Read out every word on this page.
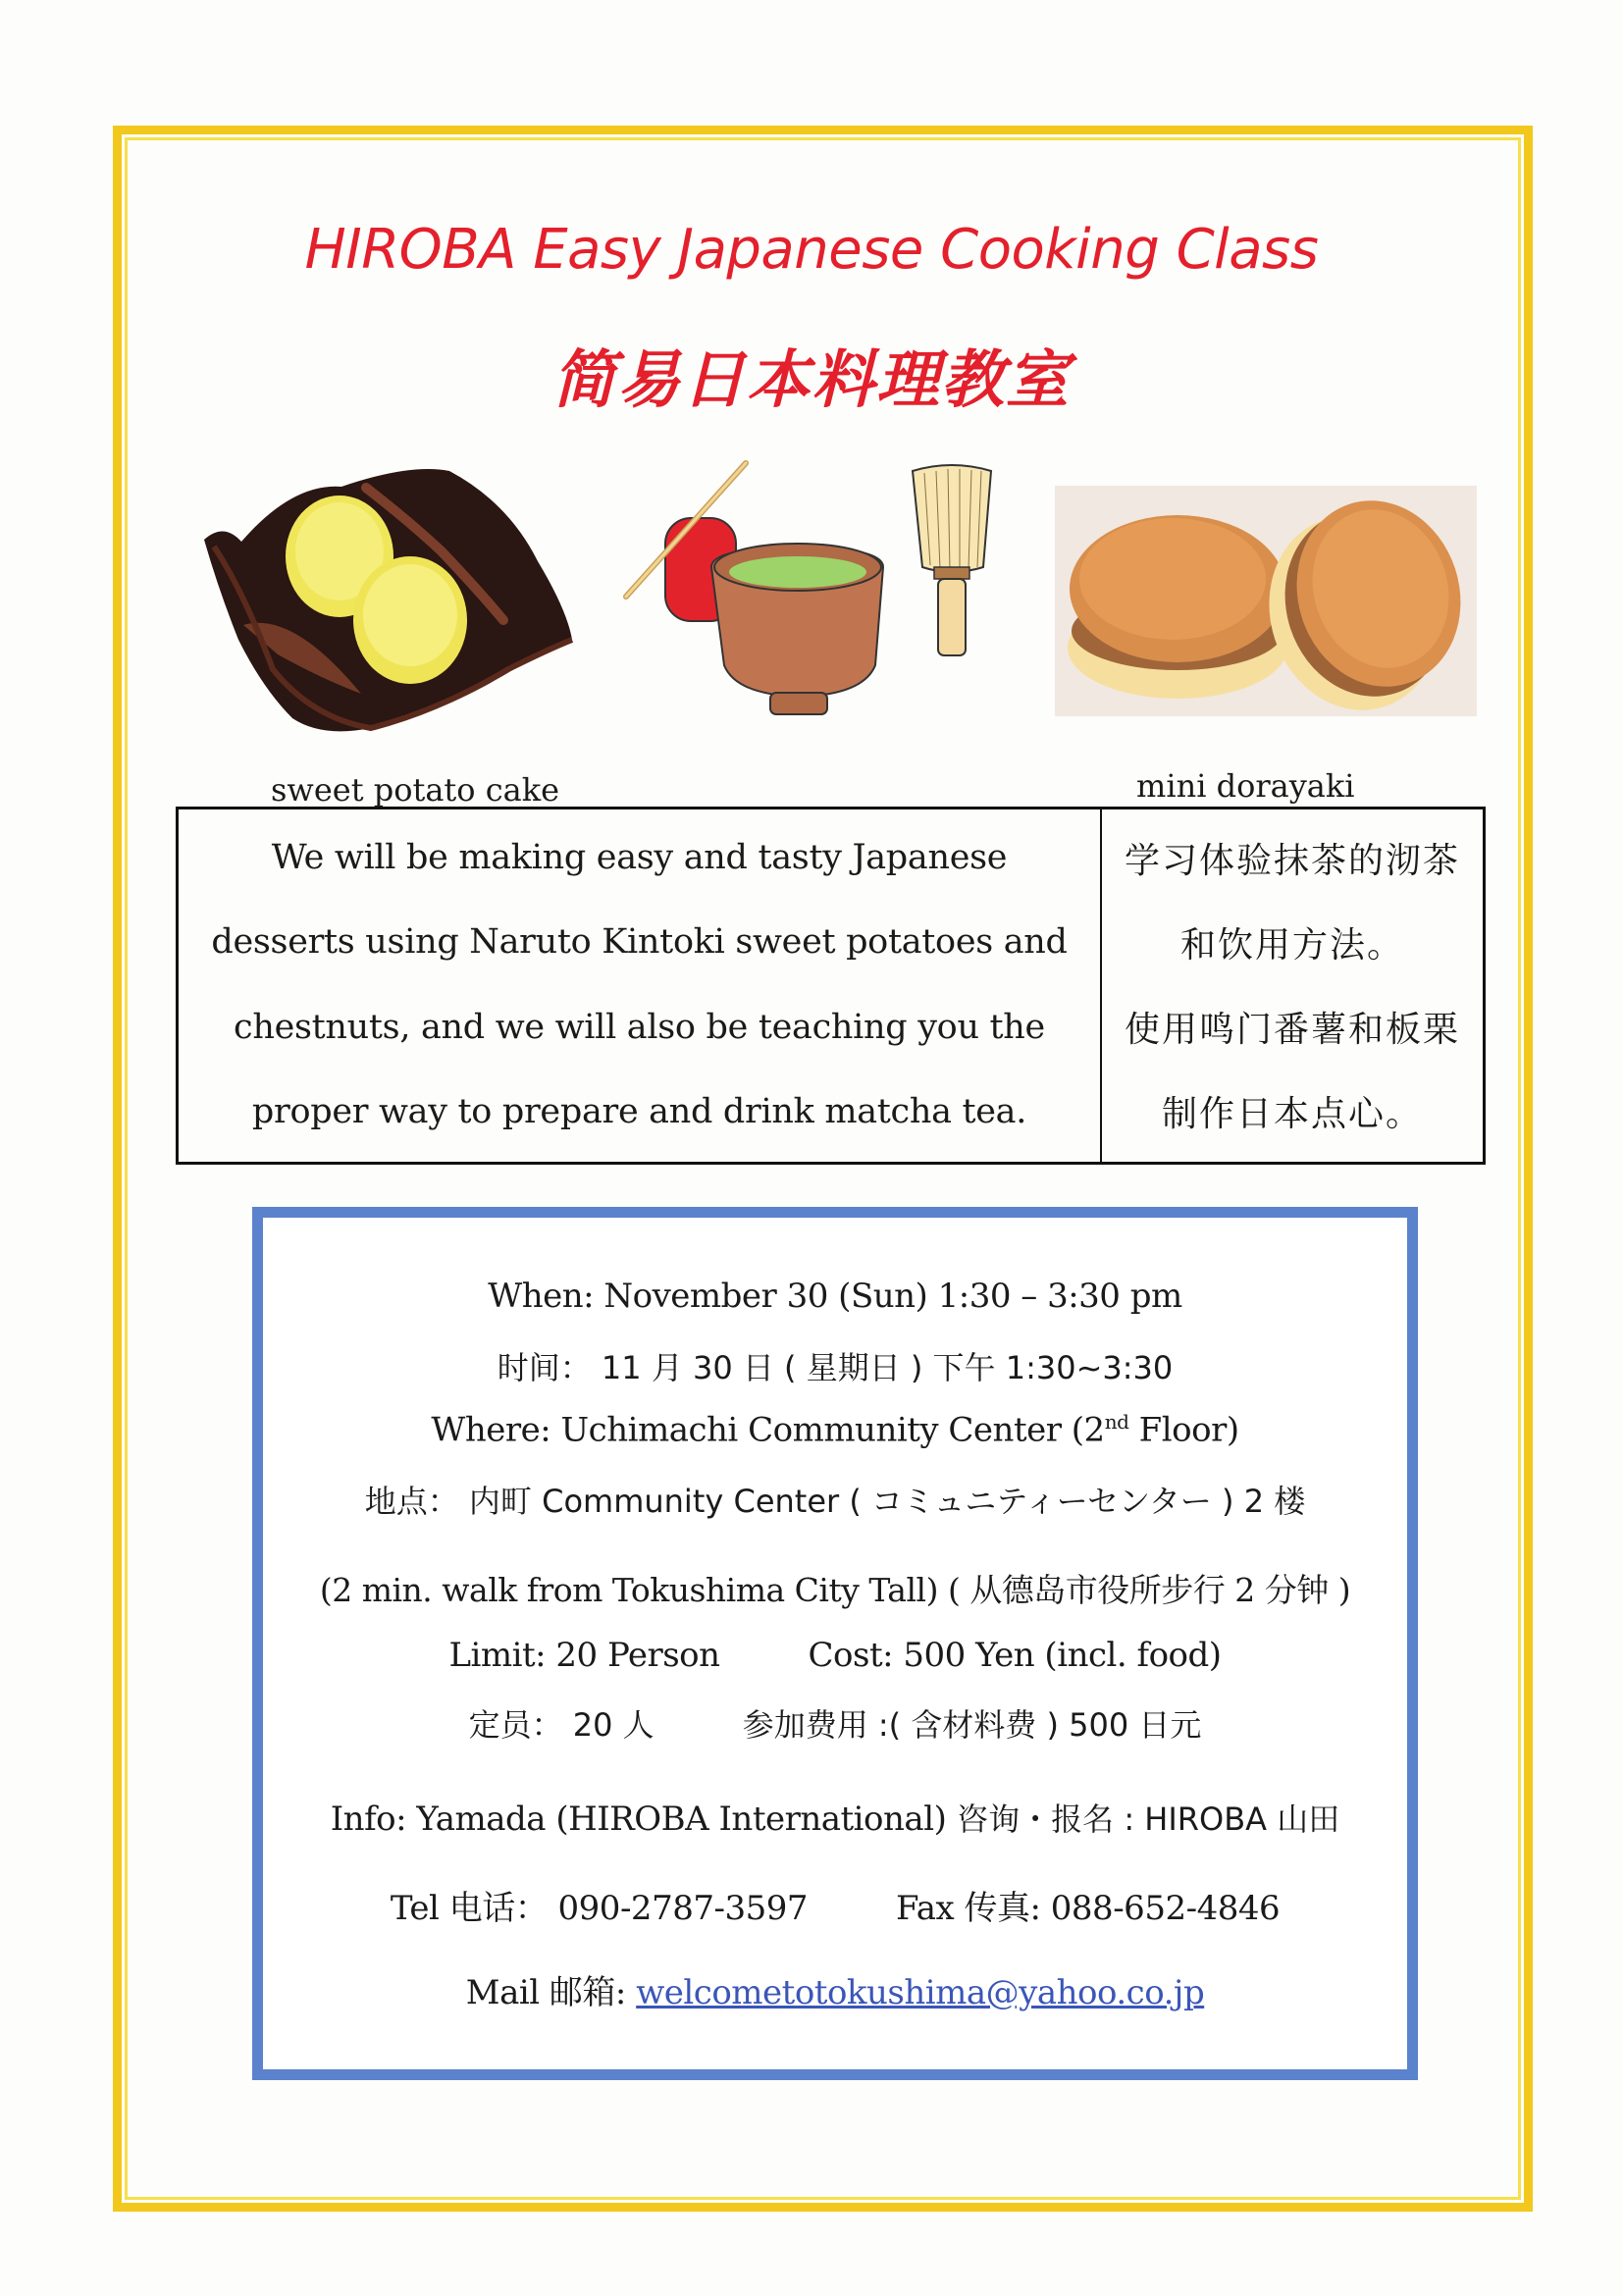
HIROBA Easy Japanese Cooking Class
简易日本料理教室
sweet potato cake	mini dorayaki
We will be making easy and tasty Japanese
desserts using Naruto Kintoki sweet potatoes and
chestnuts, and we will also be teaching you the
proper way to prepare and drink matcha tea.
学习体验抹茶的沏茶
和饮用方法。
使用鸣门番薯和板栗
制作日本点心。
When: November 30 (Sun) 1:30 – 3:30 pm
时间： 11 月 30 日 ( 星期日 ) 下午 1:30~3:30
Where: Uchimachi Community Center (2nd Floor)
地点： 内町 Community Center ( コミュニティーセンター ) 2 楼
(2 min. walk from Tokushima City Tall) ( 从德岛市役所步行 2 分钟 )
Limit: 20 Person	Cost: 500 Yen (incl. food)
定员： 20 人	参加费用 :( 含材料费 ) 500 日元
Info: Yamada (HIROBA International) 咨询・报名 : HIROBA 山田
Tel 电话： 090-2787-3597	Fax 传真: 088-652-4846
Mail 邮箱: welcometotokushima@yahoo.co.jp
